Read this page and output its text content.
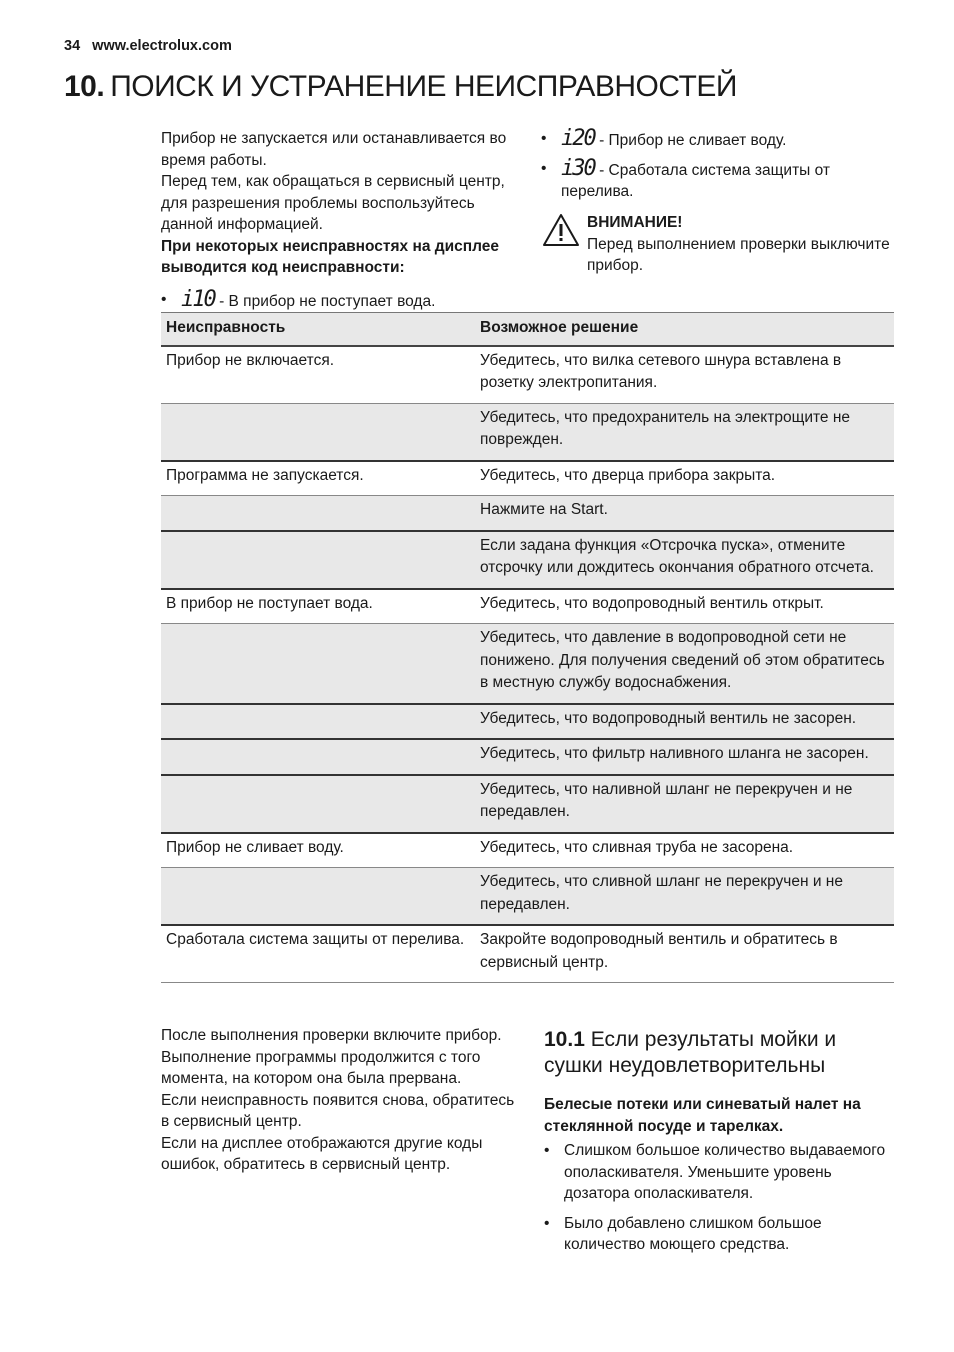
34 www.electrolux.com
10. ПОИСК И УСТРАНЕНИЕ НЕИСПРАВНОСТЕЙ
Прибор не запускается или останавливается во время работы.
Перед тем, как обращаться в сервисный центр, для разрешения проблемы воспользуйтесь данной информацией.
При некоторых неисправностях на дисплее выводится код неисправности:
• i10 - В прибор не поступает вода.
• i20 - Прибор не сливает воду.
• i30 - Сработала система защиты от перелива.
ВНИМАНИЕ!
Перед выполнением проверки выключите прибор.
Неисправность	Возможное решение
Прибор не включается.	Убедитесь, что вилка сетевого шнура вставлена в розетку электропитания.
	Убедитесь, что предохранитель на электрощите не поврежден.
Программа не запускается.	Убедитесь, что дверца прибора закрыта.
	Нажмите на Start.
	Если задана функция «Отсрочка пуска», отмените отсрочку или дождитесь окончания обратного отсчета.
В прибор не поступает вода.	Убедитесь, что водопроводный вентиль открыт.
	Убедитесь, что давление в водопроводной сети не понижено. Для получения сведений об этом обратитесь в местную службу водоснабжения.
	Убедитесь, что водопроводный вентиль не засорен.
	Убедитесь, что фильтр наливного шланга не засорен.
	Убедитесь, что наливной шланг не перекручен и не передавлен.
Прибор не сливает воду.	Убедитесь, что сливная труба не засорена.
	Убедитесь, что сливной шланг не перекручен и не передавлен.
Сработала система защиты от перелива.	Закройте водопроводный вентиль и обратитесь в сервисный центр.
После выполнения проверки включите прибор. Выполнение программы продолжится с того момента, на котором она была прервана.
Если неисправность появится снова, обратитесь в сервисный центр.
Если на дисплее отображаются другие коды ошибок, обратитесь в сервисный центр.
10.1 Если результаты мойки и сушки неудовлетворительны
Белесые потеки или синеватый налет на стеклянной посуде и тарелках.
• Слишком большое количество выдаваемого ополаскивателя. Уменьшите уровень дозатора ополаскивателя.
• Было добавлено слишком большое количество моющего средства.
